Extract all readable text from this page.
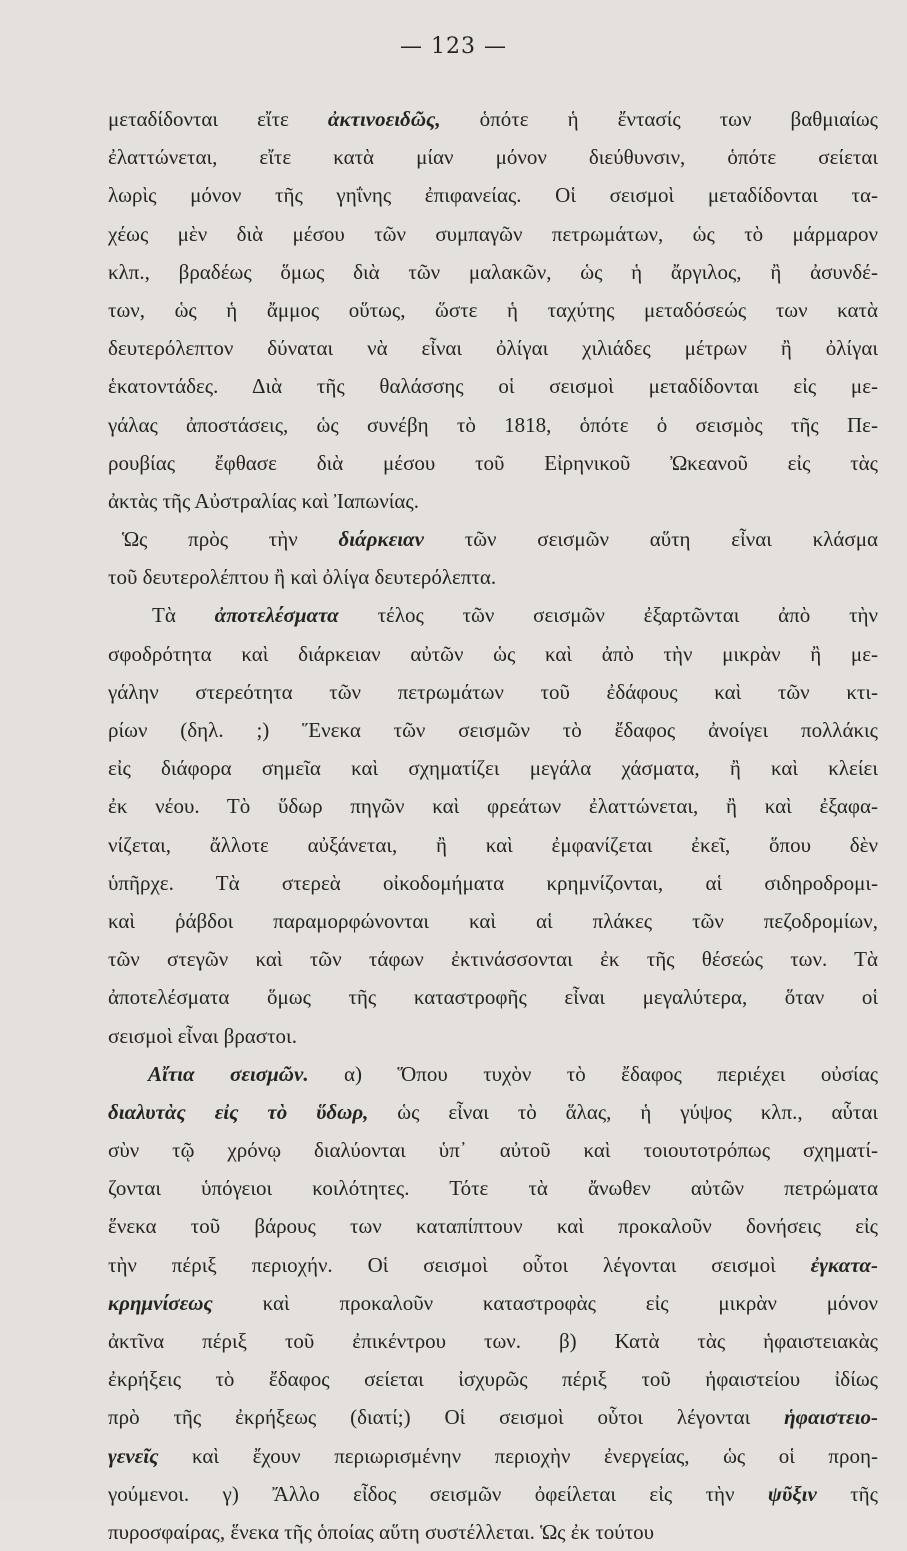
— 123 —
μεταδίδονται εἴτε ἀκτινοειδῶς, ὁπότε ἡ ἔντασίς των βαθμιαίως
ἐλαττώνεται, εἴτε κατὰ μίαν μόνον διεύθυνσιν, ὁπότε σείεται
λωρὶς μόνον τῆς γηΐνης ἐπιφανείας. Οἱ σεισμοὶ μεταδίδονται τα-
χέως μὲν διὰ μέσου τῶν συμπαγῶν πετρωμάτων, ὡς τὸ μάρμαρον
κλπ., βραδέως ὅμως διὰ τῶν μαλακῶν, ὡς ἡ ἄργιλος, ἢ ἀσυνδέ-
των, ὡς ἡ ἄμμος οὕτως, ὥστε ἡ ταχύτης μεταδόσεώς των κατὰ
δευτερόλεπτον δύναται νὰ εἶναι ὀλίγαι χιλιάδες μέτρων ἢ ὀλίγαι
ἑκατοντάδες. Διὰ τῆς θαλάσσης οἱ σεισμοὶ μεταδίδονται εἰς με-
γάλας ἀποστάσεις, ὡς συνέβη τὸ 1818, ὁπότε ὁ σεισμὸς τῆς Πε-
ρουβίας ἔφθασε διὰ μέσου τοῦ Εἰρηνικοῦ Ὠκεανοῦ εἰς τὰς
ἀκτὰς τῆς Αὐστραλίας καὶ Ἰαπωνίας.
Ὡς πρὸς τὴν διάρκειαν τῶν σεισμῶν αὕτη εἶναι κλάσμα
τοῦ δευτερολέπτου ἢ καὶ ὀλίγα δευτερόλεπτα.
Τὰ ἀποτελέσματα τέλος τῶν σεισμῶν ἐξαρτῶνται ἀπὸ τὴν
σφοδρότητα καὶ διάρκειαν αὐτῶν ὡς καὶ ἀπὸ τὴν μικρὰν ἢ με-
γάλην στερεότητα τῶν πετρωμάτων τοῦ ἐδάφους καὶ τῶν κτι-
ρίων (δηλ. ;) Ἕνεκα τῶν σεισμῶν τὸ ἔδαφος ἀνοίγει πολλάκις
εἰς διάφορα σημεῖα καὶ σχηματίζει μεγάλα χάσματα, ἢ καὶ κλείει
ἐκ νέου. Τὸ ὕδωρ πηγῶν καὶ φρεάτων ἐλαττώνεται, ἢ καὶ ἐξαφα-
νίζεται, ἄλλοτε αὐξάνεται, ἢ καὶ ἐμφανίζεται ἐκεῖ, ὅπου δὲν
ὑπῆρχε. Τὰ στερεὰ οἰκοδομήματα κρημνίζονται, αἱ σιδηροδρομι-
καὶ ῥάβδοι παραμορφώνονται καὶ αἱ πλάκες τῶν πεζοδρομίων,
τῶν στεγῶν καὶ τῶν τάφων ἐκτινάσσονται ἐκ τῆς θέσεώς των. Τὰ
ἀποτελέσματα ὅμως τῆς καταστροφῆς εἶναι μεγαλύτερα, ὅταν οἱ
σεισμοὶ εἶναι βραστοι.
Αἴτια σεισμῶν. α) Ὅπου τυχὸν τὸ ἔδαφος περιέχει οὐσίας
διαλυτὰς εἰς τὸ ὕδωρ, ὡς εἶναι τὸ ἅλας, ἡ γύψος κλπ., αὗται
σὺν τῷ χρόνῳ διαλύονται ὑπ᾽ αὐτοῦ καὶ τοιουτοτρόπως σχηματί-
ζονται ὑπόγειοι κοιλότητες. Τότε τὰ ἄνωθεν αὐτῶν πετρώματα
ἕνεκα τοῦ βάρους των καταπίπτουν καὶ προκαλοῦν δονήσεις εἰς
τὴν πέριξ περιοχήν. Οἱ σεισμοὶ οὗτοι λέγονται σεισμοὶ ἐγκατα-
κρημνίσεως καὶ προκαλοῦν καταστροφὰς εἰς μικρὰν μόνον
ἀκτῖνα πέριξ τοῦ ἐπικέντρου των. β) Κατὰ τὰς ἡφαιστειακὰς
ἐκρήξεις τὸ ἔδαφος σείεται ἰσχυρῶς πέριξ τοῦ ἡφαιστείου ἰδίως
πρὸ τῆς ἐκρήξεως (διατί;) Οἱ σεισμοὶ οὗτοι λέγονται ἡφαιστειο-
γενεῖς καὶ ἔχουν περιωρισμένην περιοχὴν ἐνεργείας, ὡς οἱ προη-
γούμενοι. γ) Ἄλλο εἶδος σεισμῶν ὀφείλεται εἰς τὴν ψῦξιν τῆς
πυροσφαίρας, ἕνεκα τῆς ὁποίας αὕτη συστέλλεται. Ὡς ἐκ τούτου
